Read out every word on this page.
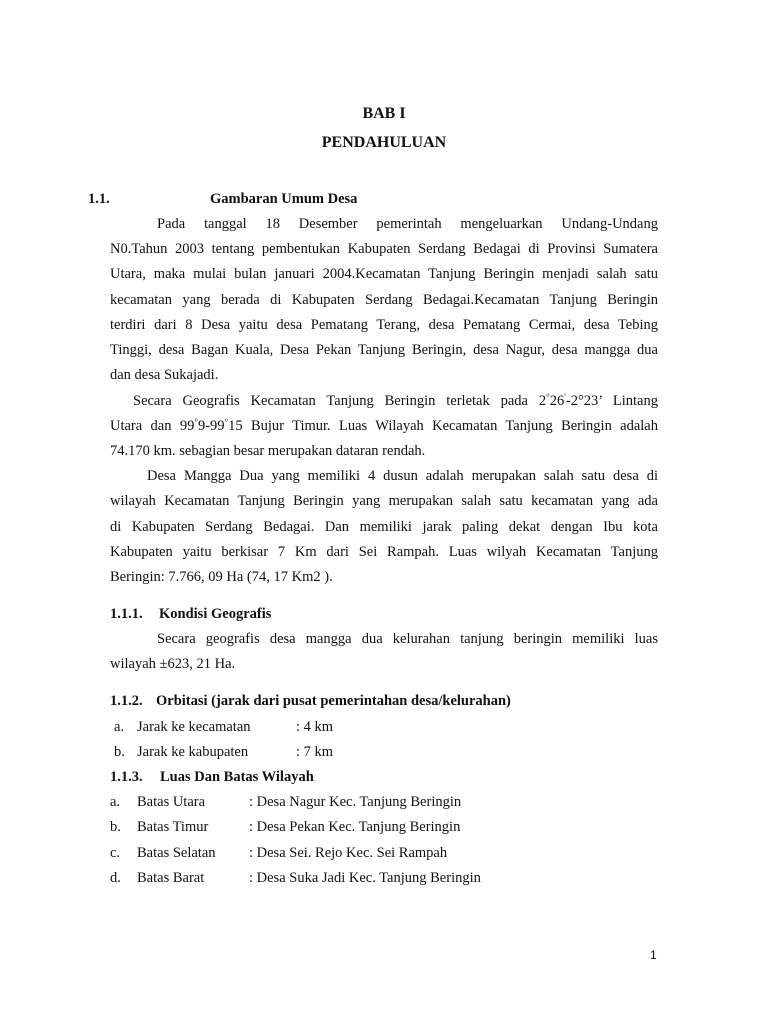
BAB I
PENDAHULUAN
1.1.	Gambaran Umum Desa
Pada tanggal 18 Desember pemerintah mengeluarkan Undang-Undang
N0.Tahun 2003 tentang pembentukan Kabupaten Serdang Bedagai di Provinsi Sumatera
Utara, maka mulai bulan januari 2004.Kecamatan Tanjung Beringin menjadi salah satu
kecamatan yang berada di Kabupaten Serdang Bedagai.Kecamatan Tanjung Beringin
terdiri dari 8 Desa yaitu desa Pematang Terang, desa Pematang Cermai, desa Tebing
Tinggi, desa Bagan Kuala, Desa Pekan Tanjung Beringin, desa Nagur, desa mangga dua
dan desa Sukajadi.
Secara Geografis Kecamatan Tanjung Beringin terletak pada 2°26'-2°23’ Lintang
Utara dan 99°9-99°15 Bujur Timur. Luas Wilayah Kecamatan Tanjung Beringin adalah
74.170 km. sebagian besar merupakan dataran rendah.
Desa Mangga Dua yang memiliki 4 dusun adalah merupakan salah satu desa di
wilayah Kecamatan Tanjung Beringin yang merupakan salah satu kecamatan yang ada
di Kabupaten Serdang Bedagai. Dan memiliki jarak paling dekat dengan Ibu kota
Kabupaten yaitu berkisar 7 Km dari Sei Rampah. Luas wilyah Kecamatan Tanjung
Beringin: 7.766, 09 Ha (74, 17 Km2 ).
1.1.1. Kondisi Geografis
Secara geografis desa mangga dua kelurahan tanjung beringin memiliki luas
wilayah ±623, 21 Ha.
1.1.2. Orbitasi (jarak dari pusat pemerintahan desa/kelurahan)
a. Jarak ke kecamatan	: 4 km
b. Jarak ke kabupaten	: 7 km
1.1.3. Luas Dan Batas Wilayah
a. Batas Utara	: Desa Nagur Kec. Tanjung Beringin
b. Batas Timur	: Desa Pekan Kec. Tanjung Beringin
c. Batas Selatan : Desa Sei. Rejo Kec. Sei Rampah
d. Batas Barat	: Desa Suka Jadi Kec. Tanjung Beringin
1
